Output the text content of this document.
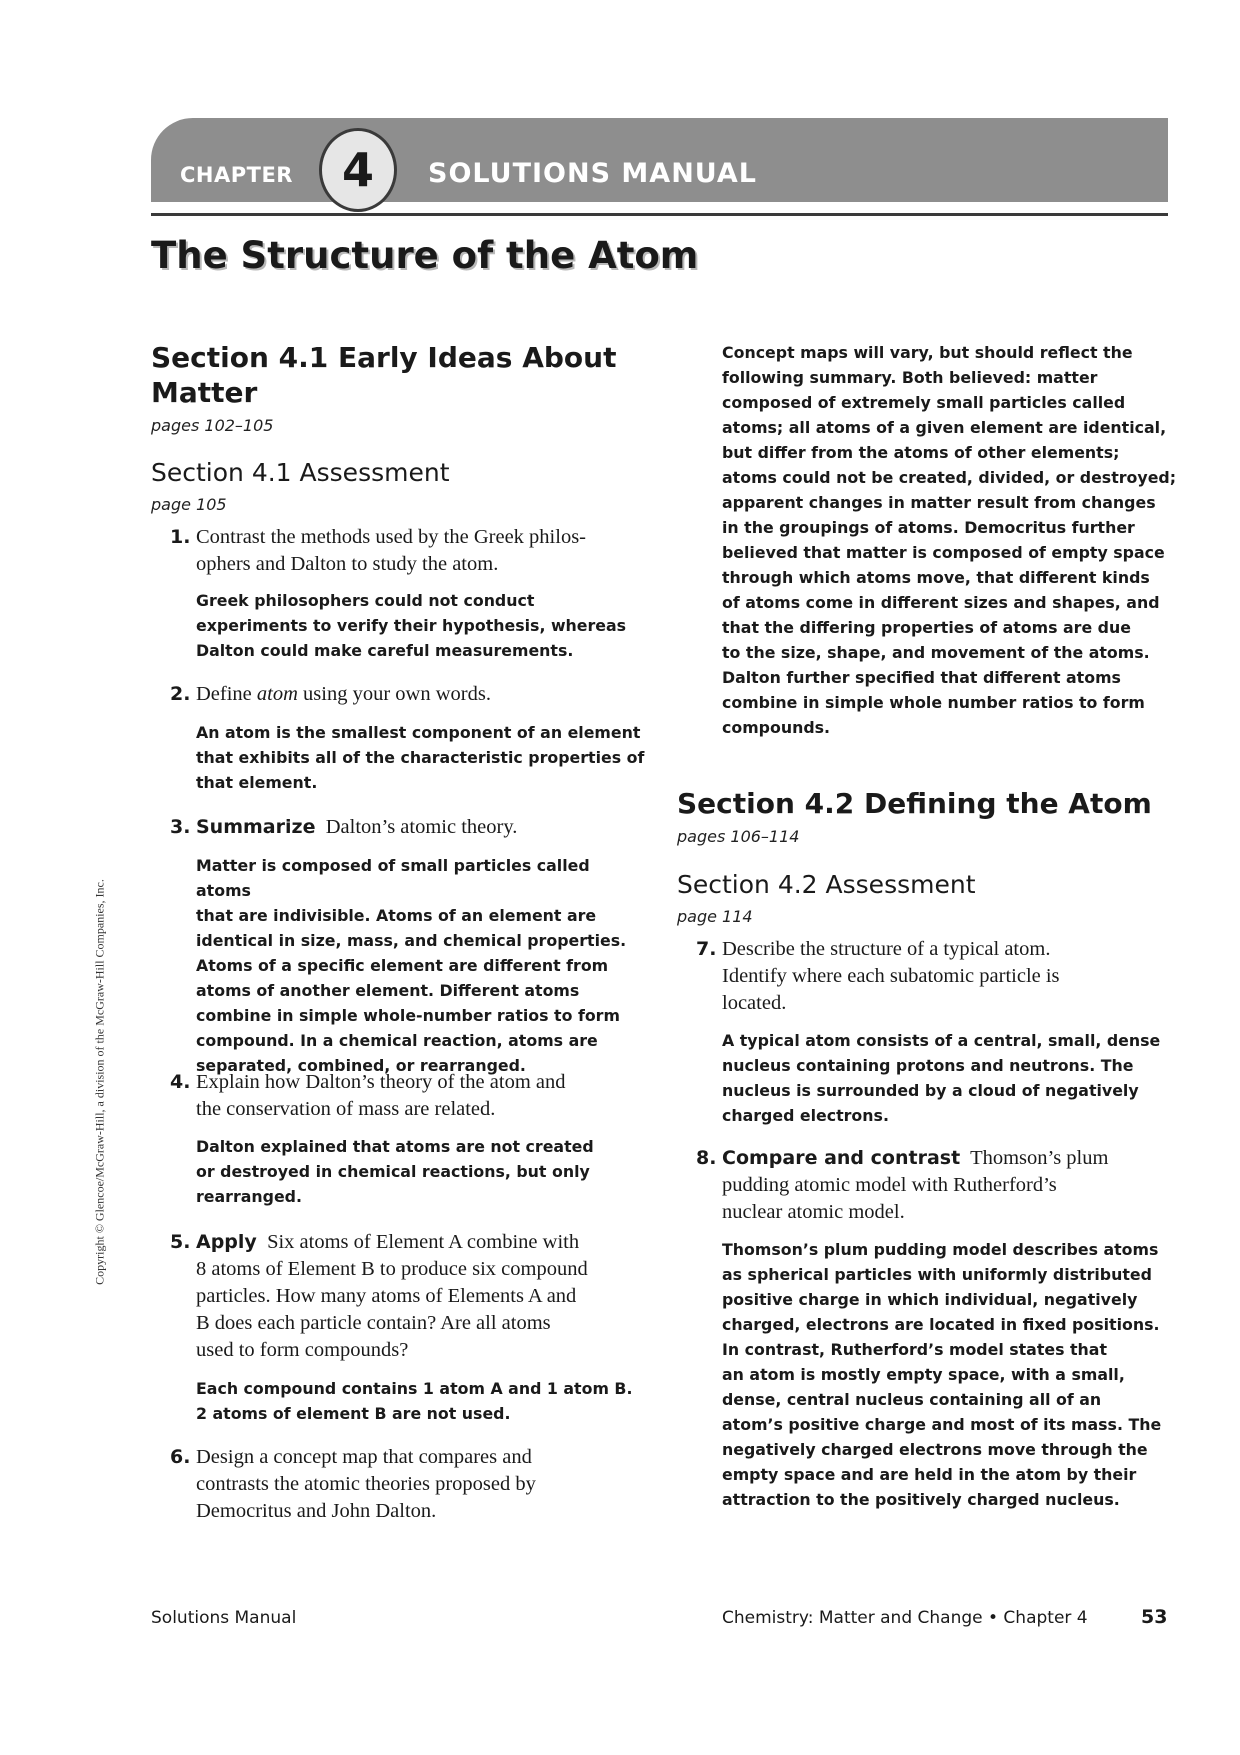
CHAPTER	4	SOLUTIONS MANUAL
The Structure of the Atom
Section 4.1 Early Ideas About
Matter
pages 102–105
Section 4.1 Assessment
page 105
1. Contrast the methods used by the Greek philos-
ophers and Dalton to study the atom.
Greek philosophers could not conduct
experiments to verify their hypothesis, whereas
Dalton could make careful measurements.
2. Define atom using your own words.
An atom is the smallest component of an element
that exhibits all of the characteristic properties of
that element.
3. Summarize Dalton’s atomic theory.
Matter is composed of small particles called atoms
that are indivisible. Atoms of an element are
identical in size, mass, and chemical properties.
Atoms of a specific element are different from
atoms of another element. Different atoms
combine in simple whole-number ratios to form
compound. In a chemical reaction, atoms are
separated, combined, or rearranged.
4. Explain how Dalton’s theory of the atom and
the conservation of mass are related.
Dalton explained that atoms are not created
or destroyed in chemical reactions, but only
rearranged.
5. Apply Six atoms of Element A combine with
8 atoms of Element B to produce six compound
particles. How many atoms of Elements A and
B does each particle contain? Are all atoms
used to form compounds?
Each compound contains 1 atom A and 1 atom B.
2 atoms of element B are not used.
6. Design a concept map that compares and
contrasts the atomic theories proposed by
Democritus and John Dalton.
Concept maps will vary, but should reflect the
following summary. Both believed: matter
composed of extremely small particles called
atoms; all atoms of a given element are identical,
but differ from the atoms of other elements;
atoms could not be created, divided, or destroyed;
apparent changes in matter result from changes
in the groupings of atoms. Democritus further
believed that matter is composed of empty space
through which atoms move, that different kinds
of atoms come in different sizes and shapes, and
that the differing properties of atoms are due
to the size, shape, and movement of the atoms.
Dalton further specified that different atoms
combine in simple whole number ratios to form
compounds.
Section 4.2 Defining the Atom
pages 106–114
Section 4.2 Assessment
page 114
7. Describe the structure of a typical atom.
Identify where each subatomic particle is
located.
A typical atom consists of a central, small, dense
nucleus containing protons and neutrons. The
nucleus is surrounded by a cloud of negatively
charged electrons.
8. Compare and contrast Thomson’s plum
pudding atomic model with Rutherford’s
nuclear atomic model.
Thomson’s plum pudding model describes atoms
as spherical particles with uniformly distributed
positive charge in which individual, negatively
charged, electrons are located in fixed positions.
In contrast, Rutherford’s model states that
an atom is mostly empty space, with a small,
dense, central nucleus containing all of an
atom’s positive charge and most of its mass. The
negatively charged electrons move through the
empty space and are held in the atom by their
attraction to the positively charged nucleus.
Copyright © Glencoe/McGraw-Hill, a division of the McGraw-Hill Companies, Inc.
Solutions Manual	Chemistry: Matter and Change • Chapter 4	53
